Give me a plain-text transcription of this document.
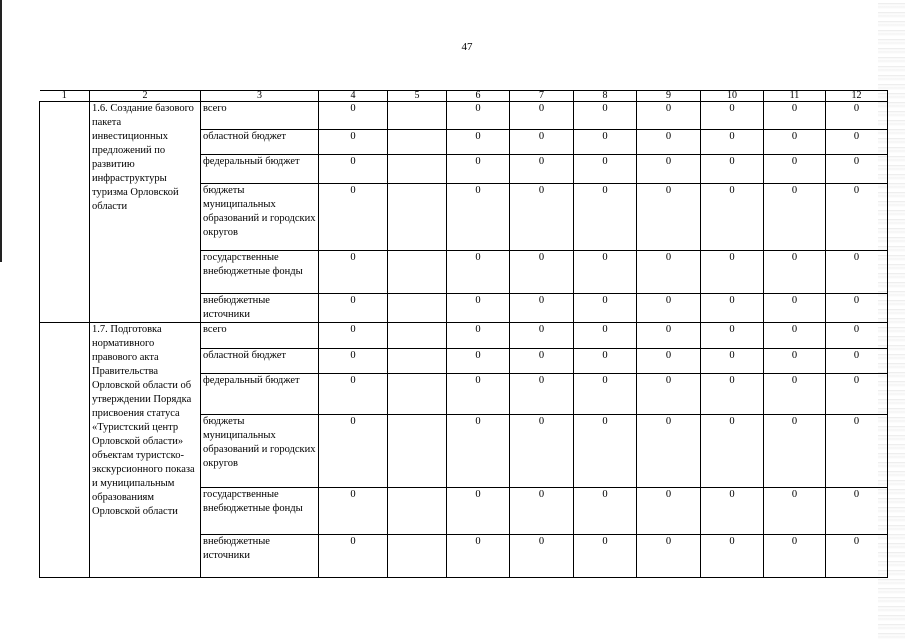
47
1	2	3	4	5	6	7	8	9	10	11	12
	1.6. Создание базового пакета инвестиционных предложений по развитию инфраструктуры туризма Орловской области	всего	0		0	0	0	0	0	0	0
		областной бюджет	0		0	0	0	0	0	0	0
		федеральный бюджет	0		0	0	0	0	0	0	0
		бюджеты муниципальных образований и городских округов	0		0	0	0	0	0	0	0
		государственные внебюджетные фонды	0		0	0	0	0	0	0	0
		внебюджетные источники	0		0	0	0	0	0	0	0
	1.7. Подготовка нормативного правового акта Правительства Орловской области об утверждении Порядка присвоения статуса «Туристский центр Орловской области» объектам туристско-экскурсионного показа и муниципальным образованиям Орловской области	всего	0		0	0	0	0	0	0	0
		областной бюджет	0		0	0	0	0	0	0	0
		федеральный бюджет	0		0	0	0	0	0	0	0
		бюджеты муниципальных образований и городских округов	0		0	0	0	0	0	0	0
		государственные внебюджетные фонды	0		0	0	0	0	0	0	0
		внебюджетные источники	0		0	0	0	0	0	0	0
